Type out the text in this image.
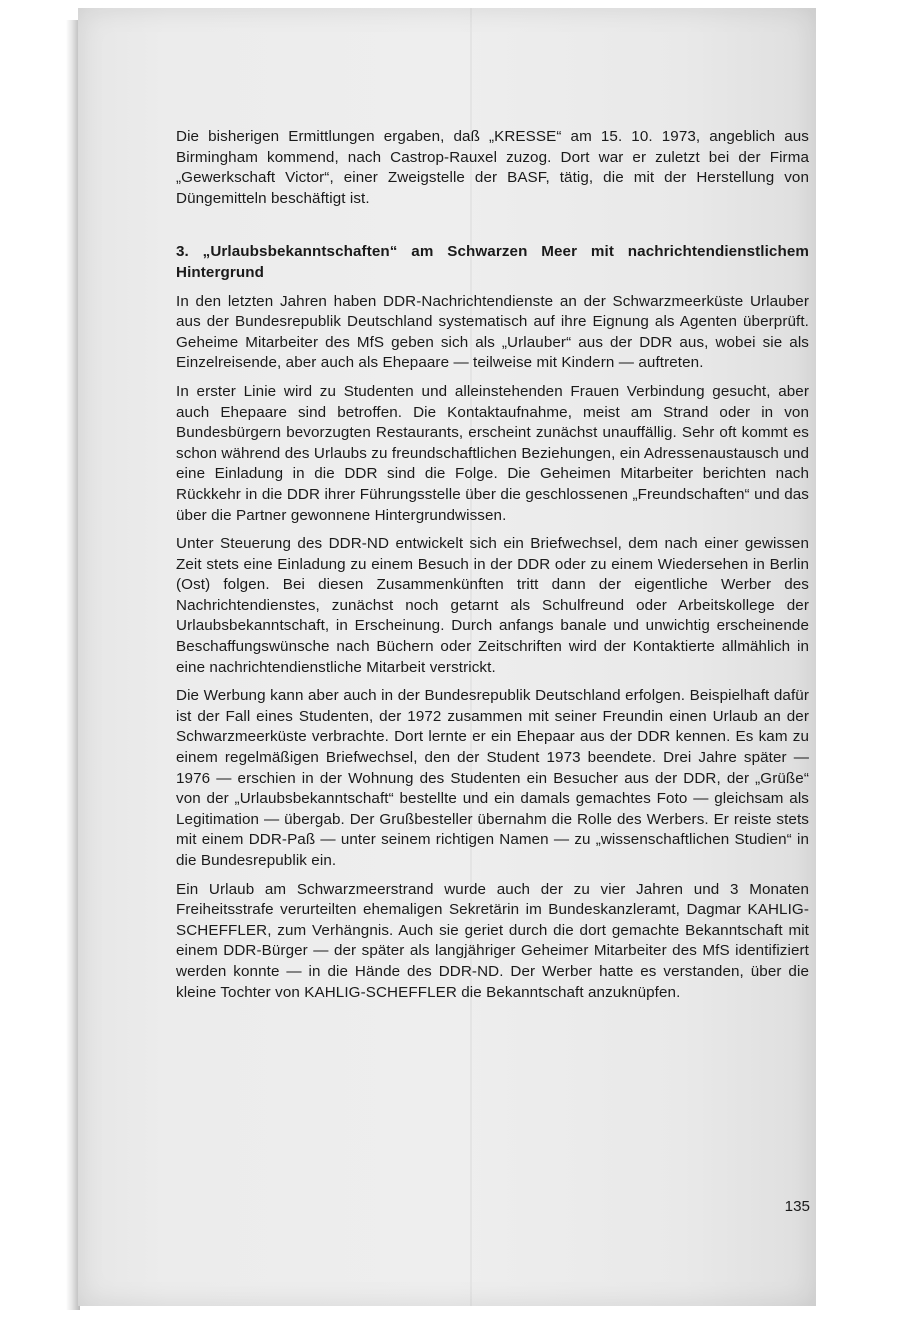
Die bisherigen Ermittlungen ergaben, daß „KRESSE“ am 15. 10. 1973, angeblich aus Birmingham kommend, nach Castrop-Rauxel zuzog. Dort war er zuletzt bei der Firma „Gewerkschaft Victor“, einer Zweigstelle der BASF, tätig, die mit der Herstellung von Düngemitteln beschäftigt ist.

3. „Urlaubsbekanntschaften“ am Schwarzen Meer mit nachrichtendienstlichem Hintergrund

In den letzten Jahren haben DDR-Nachrichtendienste an der Schwarzmeerküste Urlauber aus der Bundesrepublik Deutschland systematisch auf ihre Eignung als Agenten überprüft. Geheime Mitarbeiter des MfS geben sich als „Urlauber“ aus der DDR aus, wobei sie als Einzelreisende, aber auch als Ehepaare — teilweise mit Kindern — auftreten.

In erster Linie wird zu Studenten und alleinstehenden Frauen Verbindung gesucht, aber auch Ehepaare sind betroffen. Die Kontaktaufnahme, meist am Strand oder in von Bundesbürgern bevorzugten Restaurants, erscheint zunächst unauffällig. Sehr oft kommt es schon während des Urlaubs zu freundschaftlichen Beziehungen, ein Adressenaustausch und eine Einladung in die DDR sind die Folge. Die Geheimen Mitarbeiter berichten nach Rückkehr in die DDR ihrer Führungsstelle über die geschlossenen „Freundschaften“ und das über die Partner gewonnene Hintergrundwissen.

Unter Steuerung des DDR-ND entwickelt sich ein Briefwechsel, dem nach einer gewissen Zeit stets eine Einladung zu einem Besuch in der DDR oder zu einem Wiedersehen in Berlin (Ost) folgen. Bei diesen Zusammenkünften tritt dann der eigentliche Werber des Nachrichtendienstes, zunächst noch getarnt als Schulfreund oder Arbeitskollege der Urlaubsbekanntschaft, in Erscheinung. Durch anfangs banale und unwichtig erscheinende Beschaffungswünsche nach Büchern oder Zeitschriften wird der Kontaktierte allmählich in eine nachrichtendienstliche Mitarbeit verstrickt.

Die Werbung kann aber auch in der Bundesrepublik Deutschland erfolgen. Beispielhaft dafür ist der Fall eines Studenten, der 1972 zusammen mit seiner Freundin einen Urlaub an der Schwarzmeerküste verbrachte. Dort lernte er ein Ehepaar aus der DDR kennen. Es kam zu einem regelmäßigen Briefwechsel, den der Student 1973 beendete. Drei Jahre später — 1976 — erschien in der Wohnung des Studenten ein Besucher aus der DDR, der „Grüße“ von der „Urlaubsbekanntschaft“ bestellte und ein damals gemachtes Foto — gleichsam als Legitimation — übergab. Der Grußbesteller übernahm die Rolle des Werbers. Er reiste stets mit einem DDR-Paß — unter seinem richtigen Namen — zu „wissenschaftlichen Studien“ in die Bundesrepublik ein.

Ein Urlaub am Schwarzmeerstrand wurde auch der zu vier Jahren und 3 Monaten Freiheitsstrafe verurteilten ehemaligen Sekretärin im Bundeskanzleramt, Dagmar KAHLIG-SCHEFFLER, zum Verhängnis. Auch sie geriet durch die dort gemachte Bekanntschaft mit einem DDR-Bürger — der später als langjähriger Geheimer Mitarbeiter des MfS identifiziert werden konnte — in die Hände des DDR-ND. Der Werber hatte es verstanden, über die kleine Tochter von KAHLIG-SCHEFFLER die Bekanntschaft anzuknüpfen.

135
